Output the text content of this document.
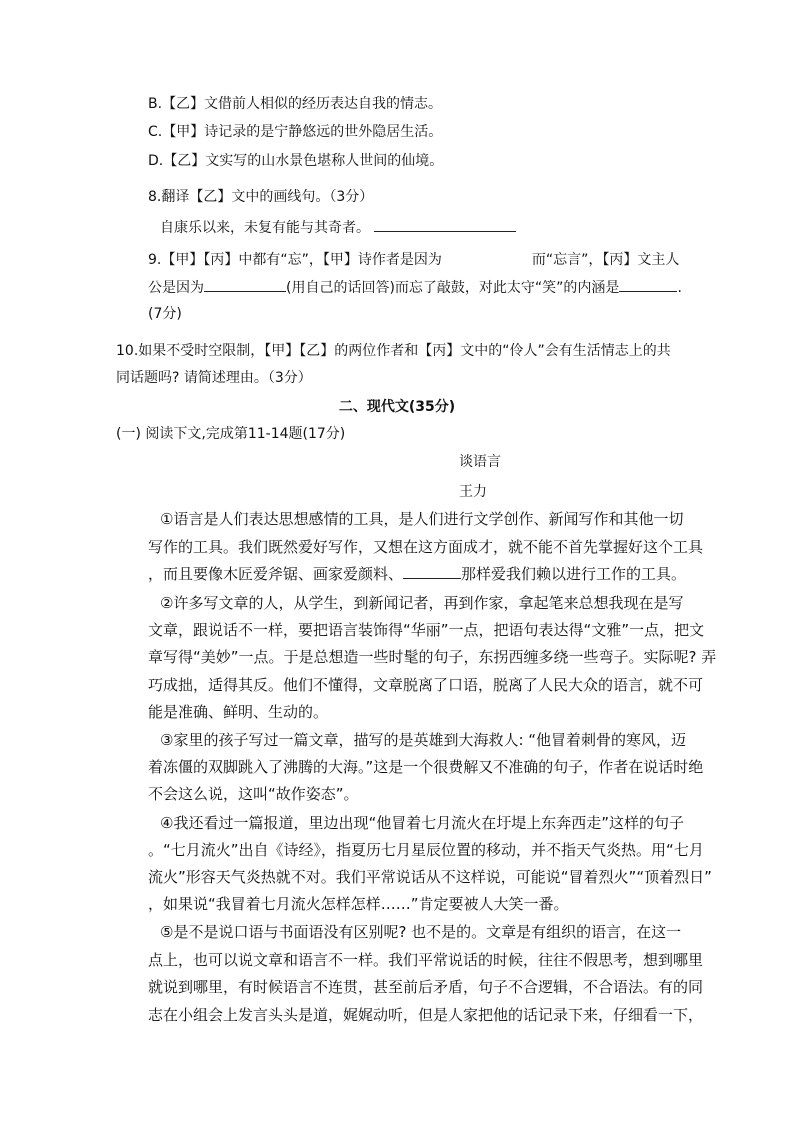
B.【乙】文借前人相似的经历表达自我的情志。
C.【甲】诗记录的是宁静悠远的世外隐居生活。
D.【乙】文实写的山水景色堪称人世间的仙境。
8.翻译【乙】文中的画线句。（3分）
自康乐以来，未复有能与其奇者。
9.【甲】【丙】中都有“忘”，【甲】诗作者是因为	而“忘言”，【丙】文主人
公是因为	(用自己的话回答)而忘了敲鼓，对此太守“笑”的内涵是	.
(7分)
10.如果不受时空限制，【甲】【乙】的两位作者和【丙】文中的“伶人”会有生活情志上的共
同话题吗? 请简述理由。（3分）
二、现代文(35分)
(一) 阅读下文,完成第11-14题(17分)
谈语言
王力
①语言是人们表达思想感情的工具，是人们进行文学创作、新闻写作和其他一切
写作的工具。我们既然爱好写作，又想在这方面成才，就不能不首先掌握好这个工具
，而且要像木匠爱斧锯、画家爱颜料、	那样爱我们赖以进行工作的工具。
②许多写文章的人，从学生，到新闻记者，再到作家，拿起笔来总想我现在是写
文章，跟说话不一样，要把语言装饰得“华丽”一点，把语句表达得“文雅”一点，把文
章写得“美妙”一点。于是总想造一些时髦的句子，东拐西缠多绕一些弯子。实际呢? 弄
巧成拙，适得其反。他们不懂得，文章脱离了口语，脱离了人民大众的语言，就不可
能是准确、鲜明、生动的。
③家里的孩子写过一篇文章，描写的是英雄到大海救人: “他冒着刺骨的寒风，迈
着冻僵的双脚跳入了沸腾的大海。”这是一个很费解又不准确的句子，作者在说话时绝
不会这么说，这叫“故作姿态”。
④我还看过一篇报道，里边出现“他冒着七月流火在圩堤上东奔西走”这样的句子
。“七月流火”出自《诗经》，指夏历七月星辰位置的移动，并不指天气炎热。用“七月
流火”形容天气炎热就不对。我们平常说话从不这样说，可能说“冒着烈火”“顶着烈日”
，如果说“我冒着七月流火怎样怎样……”肯定要被人大笑一番。
⑤是不是说口语与书面语没有区别呢? 也不是的。文章是有组织的语言，在这一
点上，也可以说文章和语言不一样。我们平常说话的时候，往往不假思考，想到哪里
就说到哪里，有时候语言不连贯，甚至前后矛盾，句子不合逻辑，不合语法。有的同
志在小组会上发言头头是道，娓娓动听，但是人家把他的话记录下来，仔细看一下，
